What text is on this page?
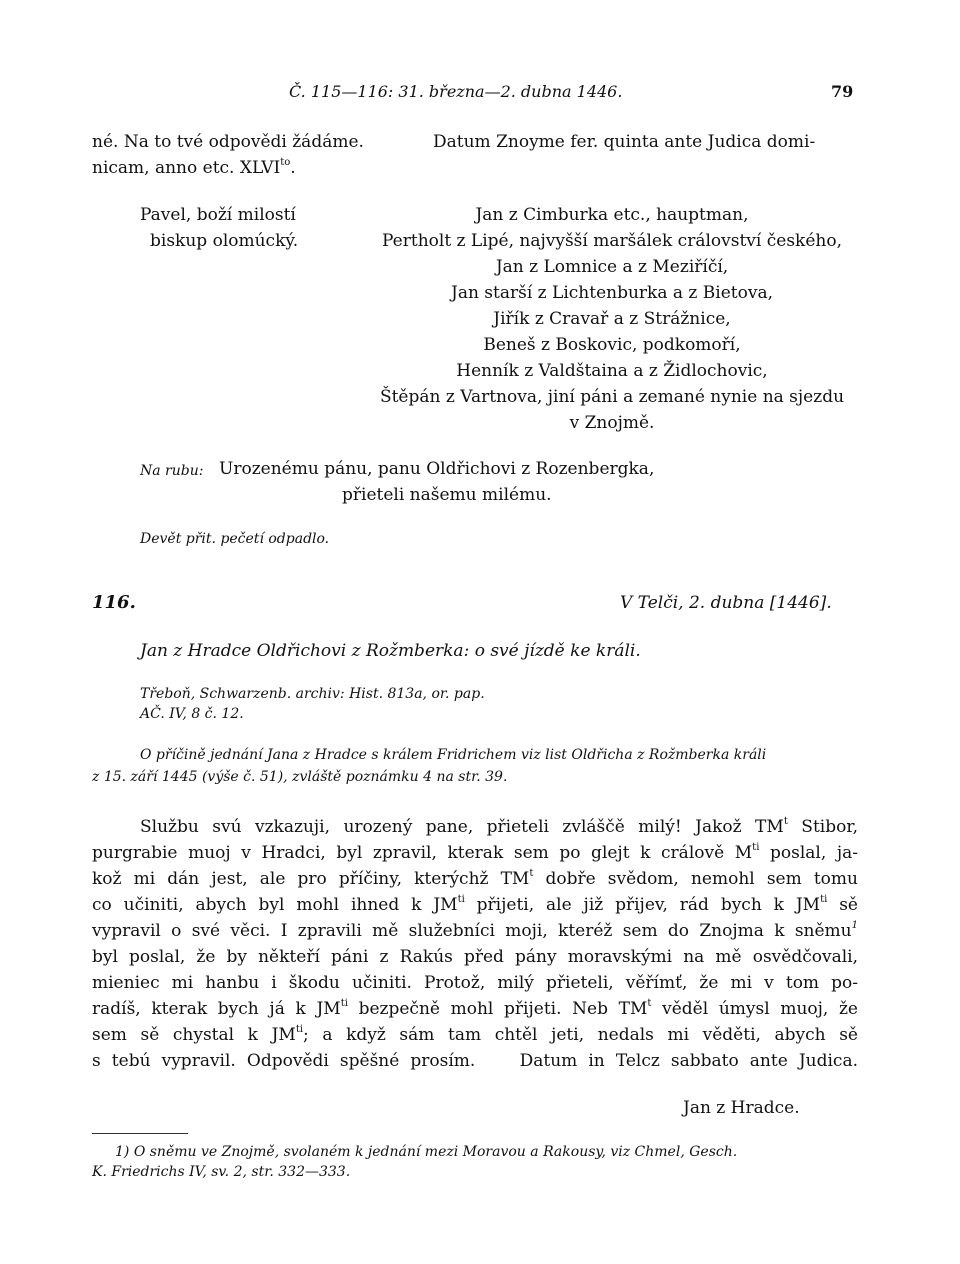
Č. 115—116: 31. března—2. dubna 1446.	79
né. Na to tvé odpovědi žádáme.	Datum Znoyme fer. quinta ante Judica domi-
nicam, anno etc. $XLVI^{to}$.
Pavel, boží milostí
biskup olomúcký.
Jan z Cimburka etc., hauptman,
Pertholt z Lipé, najvyšší maršálek crálovství českého,
Jan z Lomnice a z Meziříčí,
Jan starší z Lichtenburka a z Bietova,
Jiřík z Cravař a z Strážnice,
Beneš z Boskovic, podkomoří,
Henník z Valdštaina a z Židlochovic,
Štěpán z Vartnova, jiní páni a zemané nynie na sjezdu
v Znojmě.
Na rubu: Urozenému pánu, panu Oldřichovi z Rozenbergka,
přieteli našemu milému.
Devět přit. pečetí odpadlo.
116.	V Telči, 2. dubna [1446].
Jan z Hradce Oldřichovi z Rožmberka: o své jízdě ke králi.
Třeboň, Schwarzenb. archiv: Hist. 813a, or. pap.
AČ. IV, 8 č. 12.
O příčině jednání Jana z Hradce s králem Fridrichem viz list Oldřicha z Rožmberka králi
z 15. září 1445 (výše č. 51), zvláště poznámku 4 na str. 39.
Službu svú vzkazuji, urozený pane, přieteli zvláščě milý! Jakož $TM^t$ Stibor,
purgrabie muoj v Hradci, byl zpravil, kterak sem po glejt k crálově $M^{ti}$ poslal, ja-
kož mi dán jest, ale pro příčiny, kterýchž $TM^t$ dobře svědom, nemohl sem tomu
co učiniti, abych byl mohl ihned k $JM^{ti}$ přijeti, ale již přijev, rád bych k $JM^{ti}$ sě
vypravil o své věci. I zpravili mě služebníci moji, kteréž sem do Znojma k sněmu$^1$
byl poslal, že by někteří páni z Rakús před pány moravskými na mě osvědčovali,
mieniec mi hanbu i škodu učiniti. Protož, milý přieteli, věřímť, že mi v tom po-
radíš, kterak bych já k $JM^{ti}$ bezpečně mohl přijeti. Neb $TM^t$ věděl úmysl muoj, že
sem sě chystal k $JM^{ti}$; a když sám tam chtěl jeti, nedals mi věděti, abych sě
s tebú vypravil. Odpovědi spěšné prosím.    Datum in Telcz sabbato ante Judica.
Jan z Hradce.
1) O sněmu ve Znojmě, svolaném k jednání mezi Moravou a Rakousy, viz Chmel, Gesch.
K. Friedrichs IV, sv. 2, str. 332—333.
